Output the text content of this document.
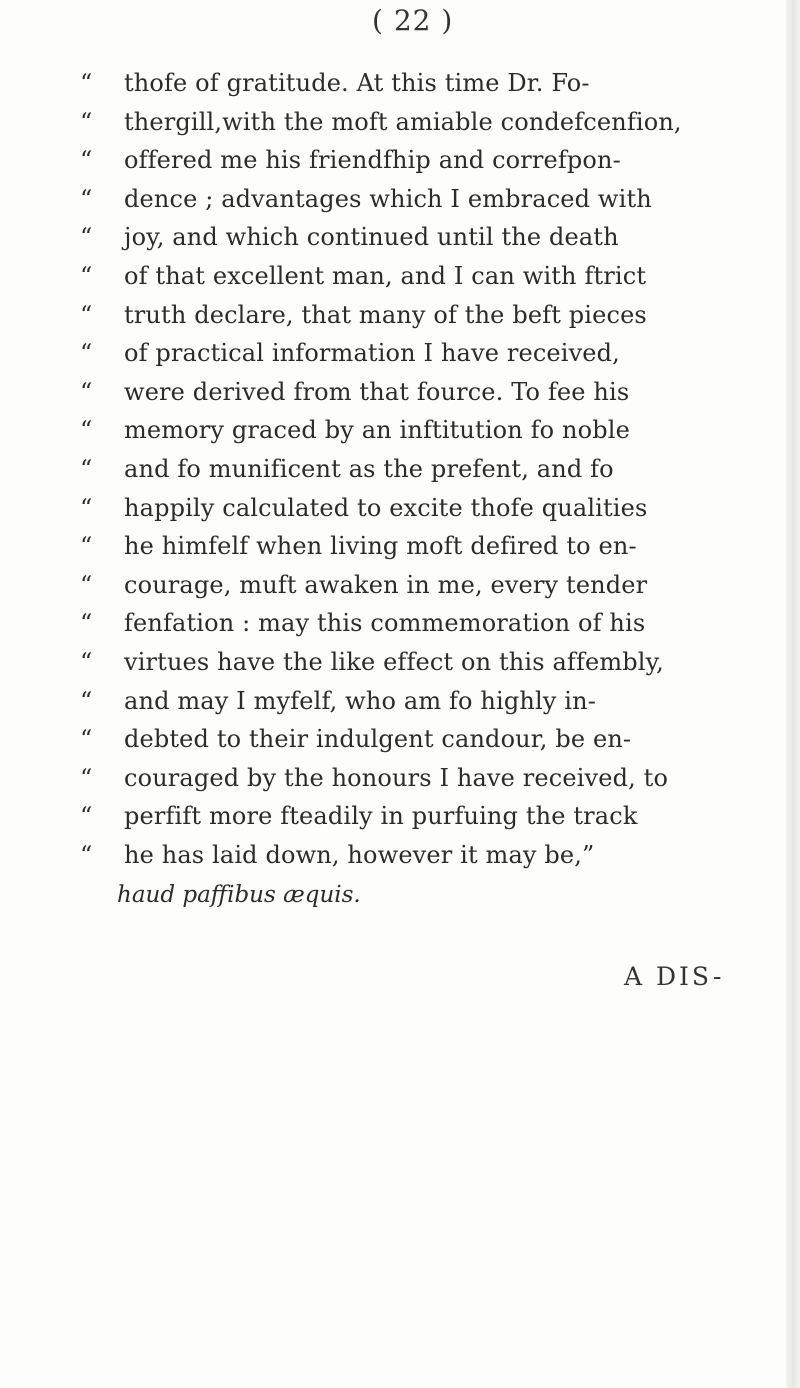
( 22 )
“	thofe of gratitude. At this time Dr. Fo-
“	thergill,with the moft amiable condefcenfion,
“	offered me his friendfhip and correfpon-
“	dence ; advantages which I embraced with
“	joy, and which continued until the death
“	of that excellent man, and I can with ftrict
“	truth declare, that many of the beft pieces
“	of practical information I have received,
“	were derived from that fource. To fee his
“	memory graced by an inftitution fo noble
“	and fo munificent as the prefent, and fo
“	happily calculated to excite thofe qualities
“	he himfelf when living moft defired to en-
“	courage, muft awaken in me, every tender
“	fenfation : may this commemoration of his
“	virtues have the like effect on this affembly,
“	and may I myfelf, who am fo highly in-
“	debted to their indulgent candour, be en-
“	couraged by the honours I have received, to
“	perfift more fteadily in purfuing the track
“	he has laid down, however it may be,”
haud paffibus æquis.
A DIS-
